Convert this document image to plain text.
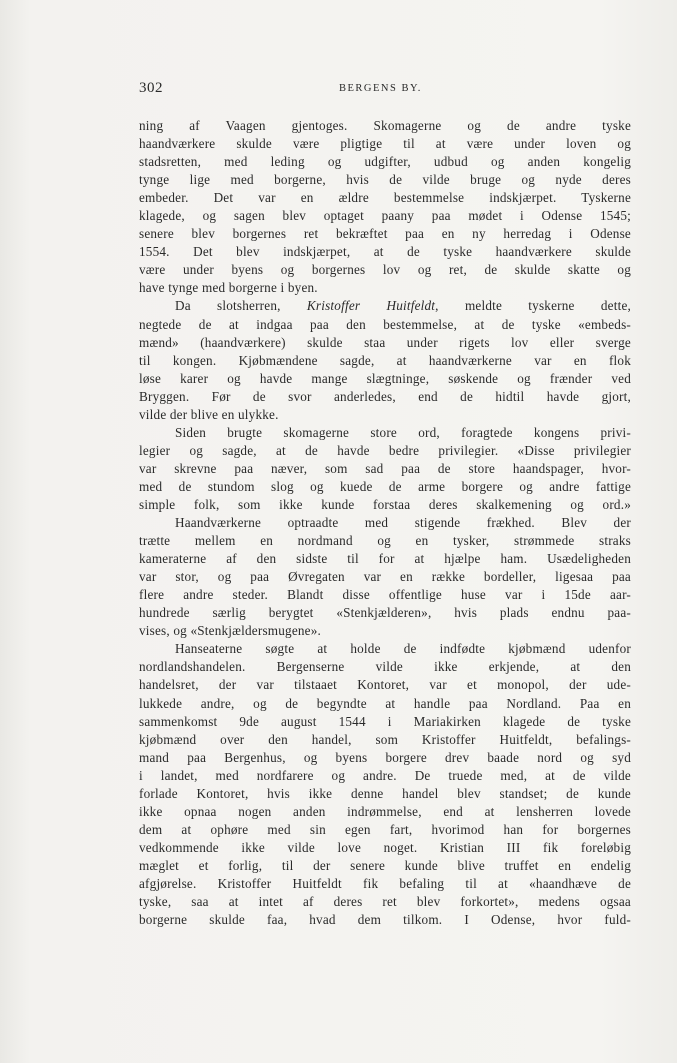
302	BERGENS BY.
ning af Vaagen gjentoges. Skomagerne og de andre tyske
haandværkere skulde være pligtige til at være under loven og
stadsretten, med leding og udgifter, udbud og anden kongelig
tynge lige med borgerne, hvis de vilde bruge og nyde deres
embeder. Det var en ældre bestemmelse indskjærpet. Tyskerne
klagede, og sagen blev optaget paany paa mødet i Odense 1545;
senere blev borgernes ret bekræftet paa en ny herredag i Odense
1554. Det blev indskjærpet, at de tyske haandværkere skulde
være under byens og borgernes lov og ret, de skulde skatte og
have tynge med borgerne i byen.
Da slotsherren, Kristoffer Huitfeldt, meldte tyskerne dette,
negtede de at indgaa paa den bestemmelse, at de tyske «embeds-
mænd» (haandværkere) skulde staa under rigets lov eller sverge
til kongen. Kjøbmændene sagde, at haandværkerne var en flok
løse karer og havde mange slægtninge, søskende og frænder ved
Bryggen. Før de svor anderledes, end de hidtil havde gjort,
vilde der blive en ulykke.
Siden brugte skomagerne store ord, foragtede kongens privi-
legier og sagde, at de havde bedre privilegier. «Disse privilegier
var skrevne paa næver, som sad paa de store haandspager, hvor-
med de stundom slog og kuede de arme borgere og andre fattige
simple folk, som ikke kunde forstaa deres skalkemening og ord.»
Haandværkerne optraadte med stigende frækhed. Blev der
trætte mellem en nordmand og en tysker, strømmede straks
kameraterne af den sidste til for at hjælpe ham. Usædeligheden
var stor, og paa Øvregaten var en række bordeller, ligesaa paa
flere andre steder. Blandt disse offentlige huse var i 15de aar-
hundrede særlig berygtet «Stenkjælderen», hvis plads endnu paa-
vises, og «Stenkjældersmugene».
Hanseaterne søgte at holde de indfødte kjøbmænd udenfor
nordlandshandelen. Bergenserne vilde ikke erkjende, at den
handelsret, der var tilstaaet Kontoret, var et monopol, der ude-
lukkede andre, og de begyndte at handle paa Nordland. Paa en
sammenkomst 9de august 1544 i Mariakirken klagede de tyske
kjøbmænd over den handel, som Kristoffer Huitfeldt, befalings-
mand paa Bergenhus, og byens borgere drev baade nord og syd
i landet, med nordfarere og andre. De truede med, at de vilde
forlade Kontoret, hvis ikke denne handel blev standset; de kunde
ikke opnaa nogen anden indrømmelse, end at lensherren lovede
dem at ophøre med sin egen fart, hvorimod han for borgernes
vedkommende ikke vilde love noget. Kristian III fik foreløbig
mæglet et forlig, til der senere kunde blive truffet en endelig
afgjørelse. Kristoffer Huitfeldt fik befaling til at «haandhæve de
tyske, saa at intet af deres ret blev forkortet», medens ogsaa
borgerne skulde faa, hvad dem tilkom. I Odense, hvor fuld-
